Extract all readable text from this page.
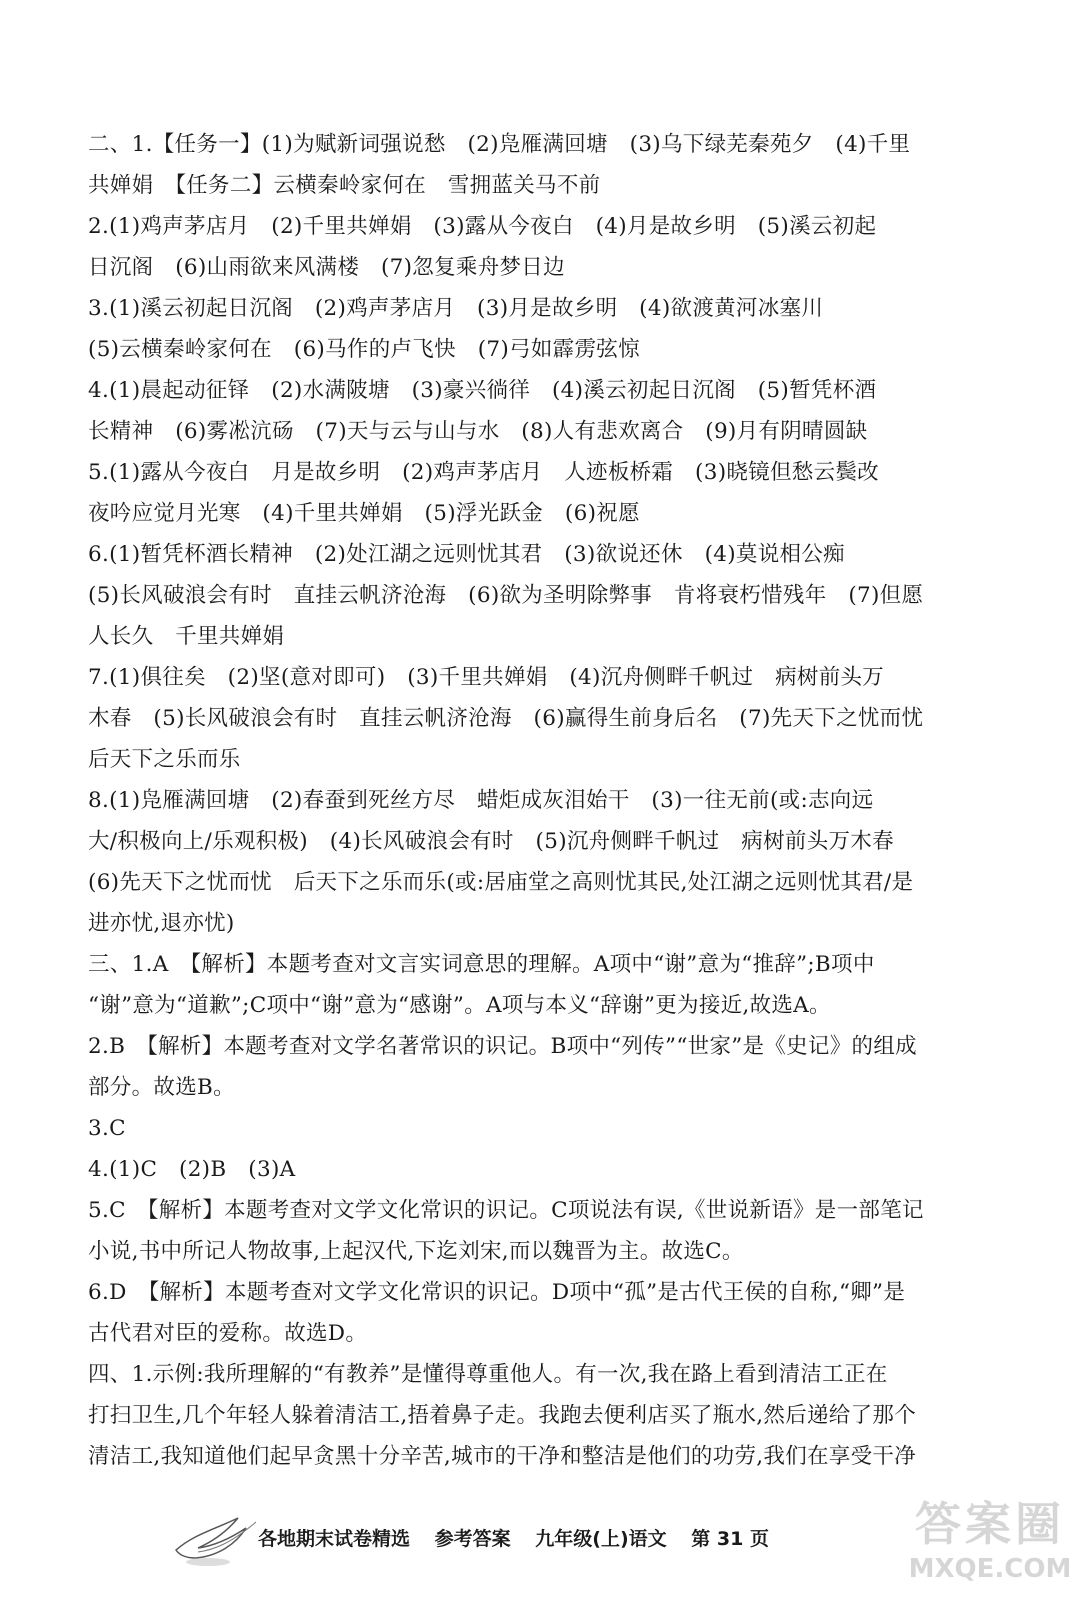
二、1.【任务一】(1)为赋新词强说愁　(2)凫雁满回塘　(3)乌下绿芜秦苑夕　(4)千里
共婵娟　【任务二】云横秦岭家何在　雪拥蓝关马不前
2.(1)鸡声茅店月　(2)千里共婵娟　(3)露从今夜白　(4)月是故乡明　(5)溪云初起
日沉阁　(6)山雨欲来风满楼　(7)忽复乘舟梦日边
3.(1)溪云初起日沉阁　(2)鸡声茅店月　(3)月是故乡明　(4)欲渡黄河冰塞川
(5)云横秦岭家何在　(6)马作的卢飞快　(7)弓如霹雳弦惊
4.(1)晨起动征铎　(2)水满陂塘　(3)豪兴徜徉　(4)溪云初起日沉阁　(5)暂凭杯酒
长精神　(6)雾凇沆砀　(7)天与云与山与水　(8)人有悲欢离合　(9)月有阴晴圆缺
5.(1)露从今夜白　月是故乡明　(2)鸡声茅店月　人迹板桥霜　(3)晓镜但愁云鬓改
夜吟应觉月光寒　(4)千里共婵娟　(5)浮光跃金　(6)祝愿
6.(1)暂凭杯酒长精神　(2)处江湖之远则忧其君　(3)欲说还休　(4)莫说相公痴
(5)长风破浪会有时　直挂云帆济沧海　(6)欲为圣明除弊事　肯将衰朽惜残年　(7)但愿
人长久　千里共婵娟
7.(1)俱往矣　(2)坚(意对即可)　(3)千里共婵娟　(4)沉舟侧畔千帆过　病树前头万
木春　(5)长风破浪会有时　直挂云帆济沧海　(6)赢得生前身后名　(7)先天下之忧而忧
后天下之乐而乐
8.(1)凫雁满回塘　(2)春蚕到死丝方尽　蜡炬成灰泪始干　(3)一往无前(或:志向远
大/积极向上/乐观积极)　(4)长风破浪会有时　(5)沉舟侧畔千帆过　病树前头万木春
(6)先天下之忧而忧　后天下之乐而乐(或:居庙堂之高则忧其民,处江湖之远则忧其君/是
进亦忧,退亦忧)
三、1.A　【解析】本题考查对文言实词意思的理解。A项中“谢”意为“推辞”;B项中
“谢”意为“道歉”;C项中“谢”意为“感谢”。A项与本义“辞谢”更为接近,故选A。
2.B　【解析】本题考查对文学名著常识的识记。B项中“列传”“世家”是《史记》的组成
部分。故选B。
3.C
4.(1)C　(2)B　(3)A
5.C　【解析】本题考查对文学文化常识的识记。C项说法有误,《世说新语》是一部笔记
小说,书中所记人物故事,上起汉代,下迄刘宋,而以魏晋为主。故选C。
6.D　【解析】本题考查对文学文化常识的识记。D项中“孤”是古代王侯的自称,“卿”是
古代君对臣的爱称。故选D。
四、1.示例:我所理解的“有教养”是懂得尊重他人。有一次,我在路上看到清洁工正在
打扫卫生,几个年轻人躲着清洁工,捂着鼻子走。我跑去便利店买了瓶水,然后递给了那个
清洁工,我知道他们起早贪黑十分辛苦,城市的干净和整洁是他们的功劳,我们在享受干净
各地期末试卷精选 参考答案 九年级(上)语文 第 31 页	答案圈
MXQE.COM
